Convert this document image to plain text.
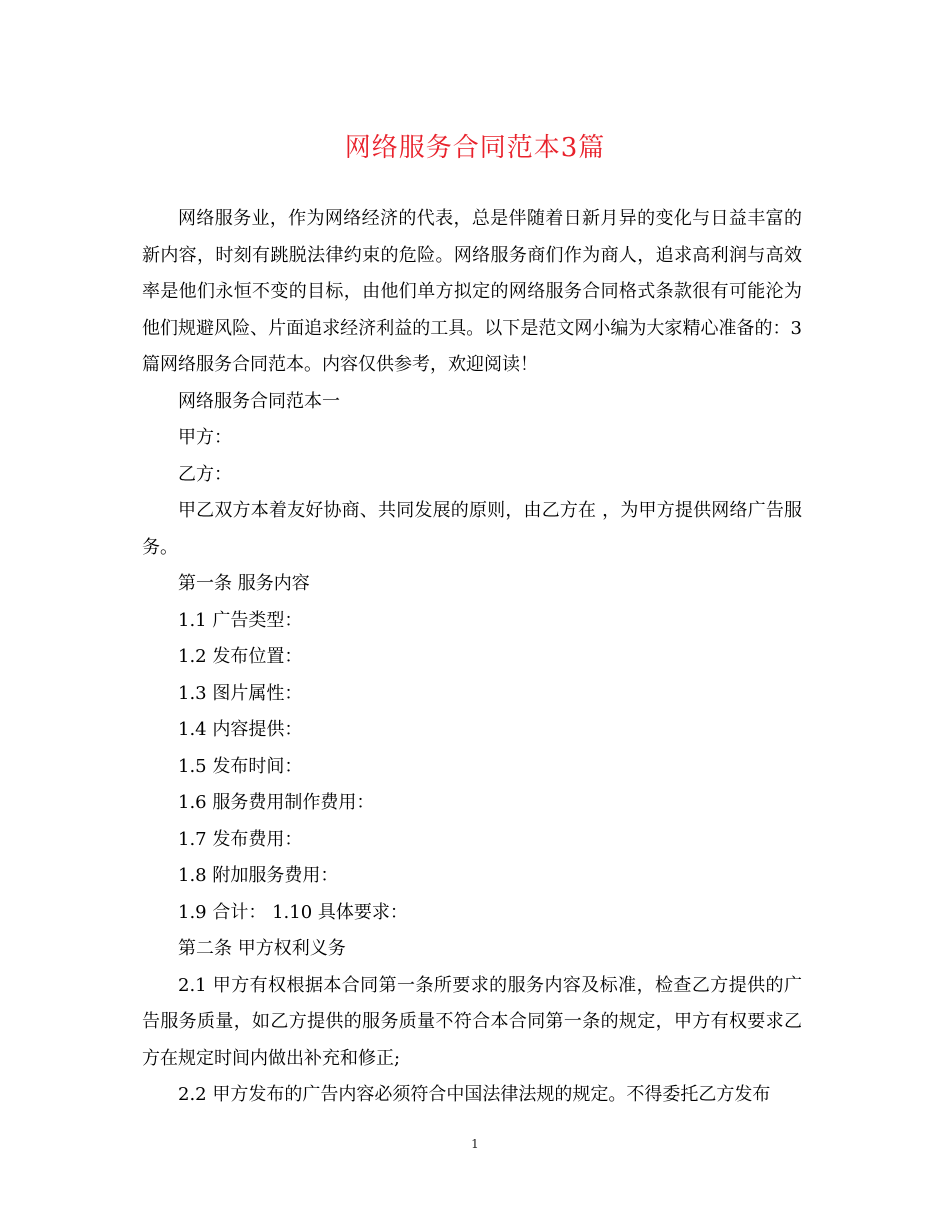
网络服务合同范本3篇

网络服务业，作为网络经济的代表，总是伴随着日新月异的变化与日益丰富的新内容，时刻有跳脱法律约束的危险。网络服务商们作为商人，追求高利润与高效率是他们永恒不变的目标，由他们单方拟定的网络服务合同格式条款很有可能沦为他们规避风险、片面追求经济利益的工具。以下是范文网小编为大家精心准备的：3篇网络服务合同范本。内容仅供参考，欢迎阅读！

网络服务合同范本一

甲方：

乙方：

甲乙双方本着友好协商、共同发展的原则，由乙方在 ，为甲方提供网络广告服务。

第一条 服务内容

1.1 广告类型：

1.2 发布位置：

1.3 图片属性：

1.4 内容提供：

1.5 发布时间：

1.6 服务费用制作费用：

1.7 发布费用：

1.8 附加服务费用：

1.9 合计： 1.10 具体要求：

第二条 甲方权利义务

2.1 甲方有权根据本合同第一条所要求的服务内容及标准，检查乙方提供的广告服务质量，如乙方提供的服务质量不符合本合同第一条的规定，甲方有权要求乙方在规定时间内做出补充和修正;

2.2 甲方发布的广告内容必须符合中国法律法规的规定。不得委托乙方发布

1
